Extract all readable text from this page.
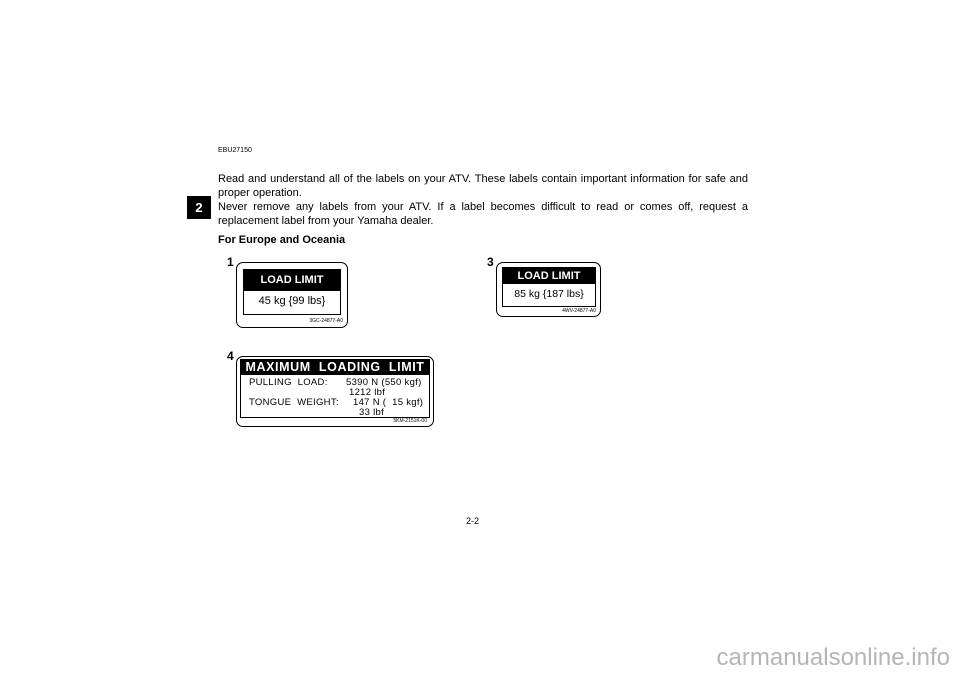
2
EBU27150
Read and understand all of the labels on your ATV. These labels contain important information for safe and proper operation.
Never remove any labels from your ATV. If a label becomes difficult to read or comes off, request a replacement label from your Yamaha dealer.
For Europe and Oceania
1
LOAD LIMIT
45 kg {99 lbs}
3GC-24877-A0
3
LOAD LIMIT
85 kg {187 lbs}
4WV-24877-A0
4
MAXIMUM  LOADING  LIMIT
PULLING  LOAD: 5390 N (550 kgf)
1212 lbf
TONGUE  WEIGHT: 147 N (  15 kgf)
33 lbf
5KM-2151K-00
2-2
carmanualsonline.info
